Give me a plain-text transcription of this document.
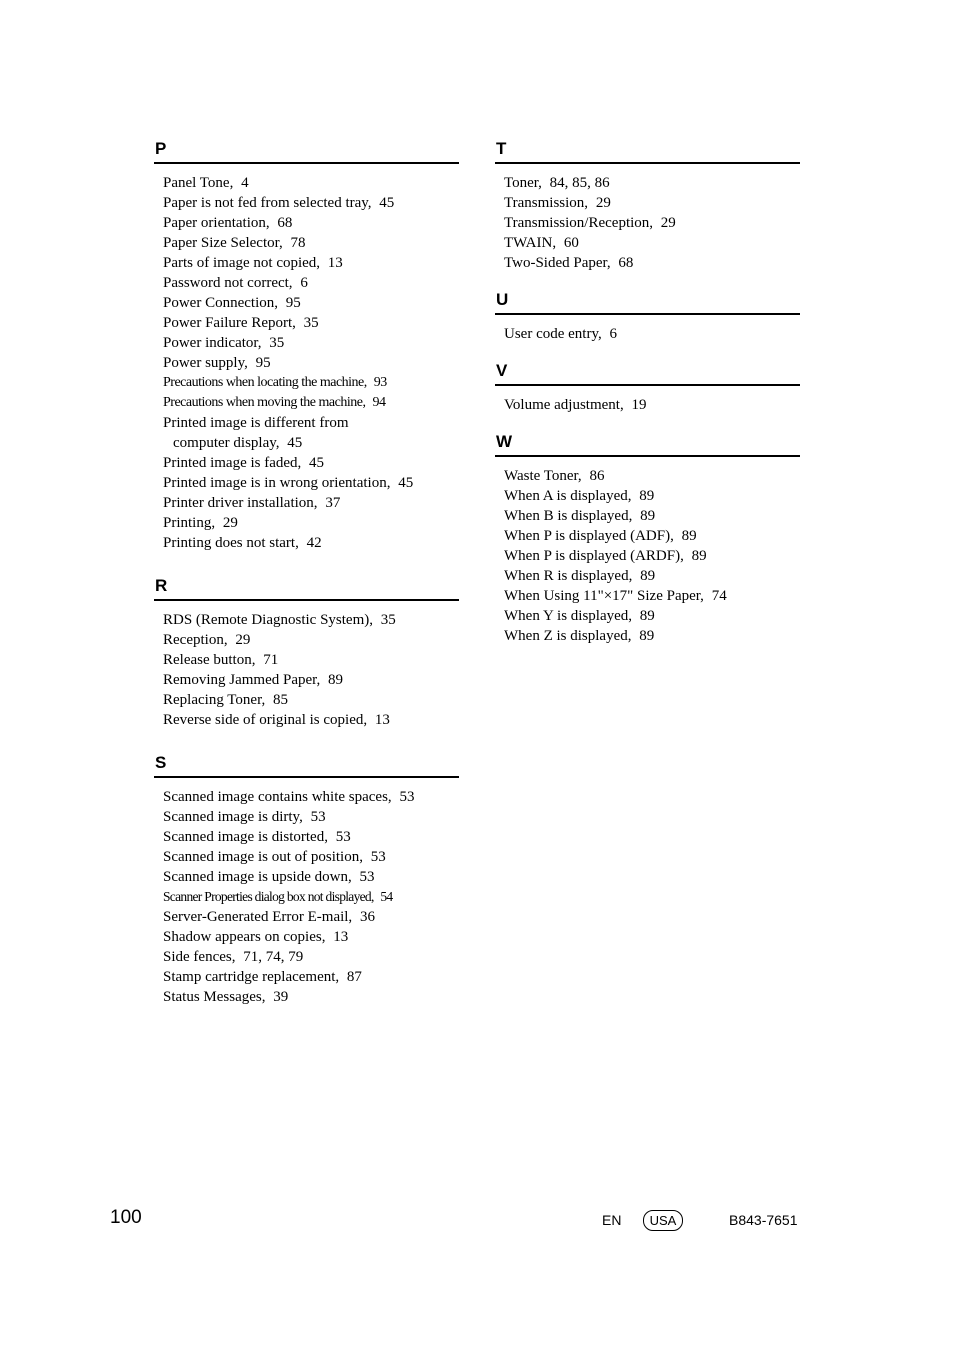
P
Panel Tone, 4
Paper is not fed from selected tray, 45
Paper orientation, 68
Paper Size Selector, 78
Parts of image not copied, 13
Password not correct, 6
Power Connection, 95
Power Failure Report, 35
Power indicator, 35
Power supply, 95
Precautions when locating the machine, 93
Precautions when moving the machine, 94
Printed image is different from
computer display, 45
Printed image is faded, 45
Printed image is in wrong orientation, 45
Printer driver installation, 37
Printing, 29
Printing does not start, 42
R
RDS (Remote Diagnostic System), 35
Reception, 29
Release button, 71
Removing Jammed Paper, 89
Replacing Toner, 85
Reverse side of original is copied, 13
S
Scanned image contains white spaces, 53
Scanned image is dirty, 53
Scanned image is distorted, 53
Scanned image is out of position, 53
Scanned image is upside down, 53
Scanner Properties dialog box not displayed, 54
Server-Generated Error E-mail, 36
Shadow appears on copies, 13
Side fences, 71, 74, 79
Stamp cartridge replacement, 87
Status Messages, 39
T
Toner, 84, 85, 86
Transmission, 29
Transmission/Reception, 29
TWAIN, 60
Two-Sided Paper, 68
U
User code entry, 6
V
Volume adjustment, 19
W
Waste Toner, 86
When A is displayed, 89
When B is displayed, 89
When P is displayed (ADF), 89
When P is displayed (ARDF), 89
When R is displayed, 89
When Using 11"×17" Size Paper, 74
When Y is displayed, 89
When Z is displayed, 89
100	EN	USA	B843-7651
